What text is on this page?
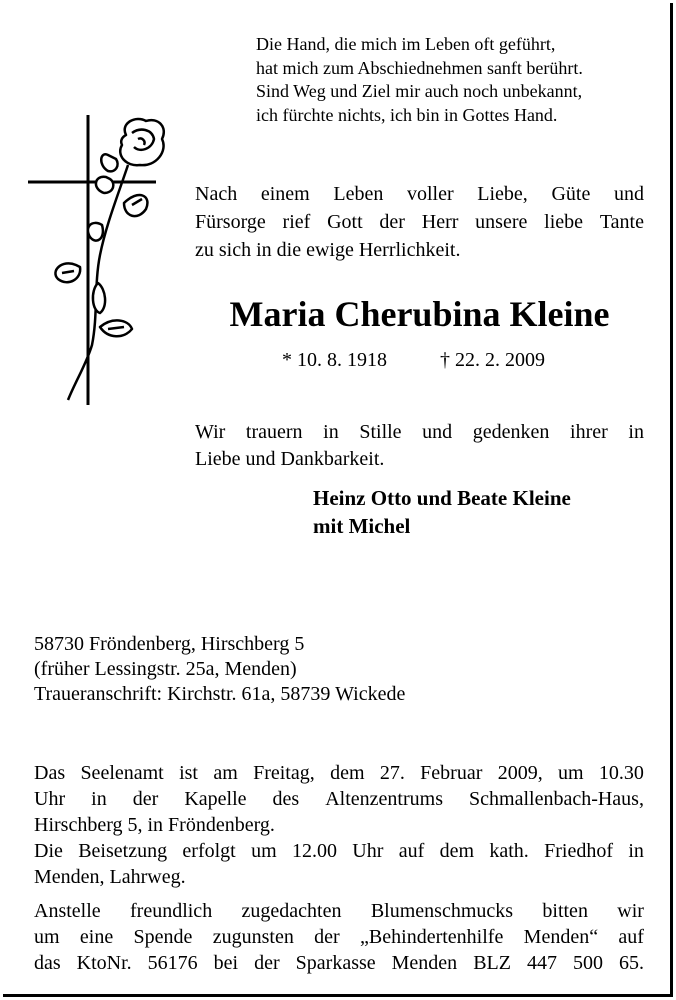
Die Hand, die mich im Leben oft geführt,
hat mich zum Abschiednehmen sanft berührt.
Sind Weg und Ziel mir auch noch unbekannt,
ich fürchte nichts, ich bin in Gottes Hand.
Nach einem Leben voller Liebe, Güte und
Fürsorge rief Gott der Herr unsere liebe Tante
zu sich in die ewige Herrlichkeit.
Maria Cherubina Kleine
* 10. 8. 1918	† 22. 2. 2009
Wir trauern in Stille und gedenken ihrer in
Liebe und Dankbarkeit.
Heinz Otto und Beate Kleine
mit Michel
58730 Fröndenberg, Hirschberg 5
(früher Lessingstr. 25a, Menden)
Traueranschrift: Kirchstr. 61a, 58739 Wickede
Das Seelenamt ist am Freitag, dem 27. Februar 2009, um 10.30
Uhr in der Kapelle des Altenzentrums Schmallenbach-Haus,
Hirschberg 5, in Fröndenberg.
Die Beisetzung erfolgt um 12.00 Uhr auf dem kath. Friedhof in
Menden, Lahrweg.
Anstelle freundlich zugedachten Blumenschmucks bitten wir
um eine Spende zugunsten der „Behindertenhilfe Menden“ auf
das KtoNr. 56176 bei der Sparkasse Menden BLZ 447 500 65.
